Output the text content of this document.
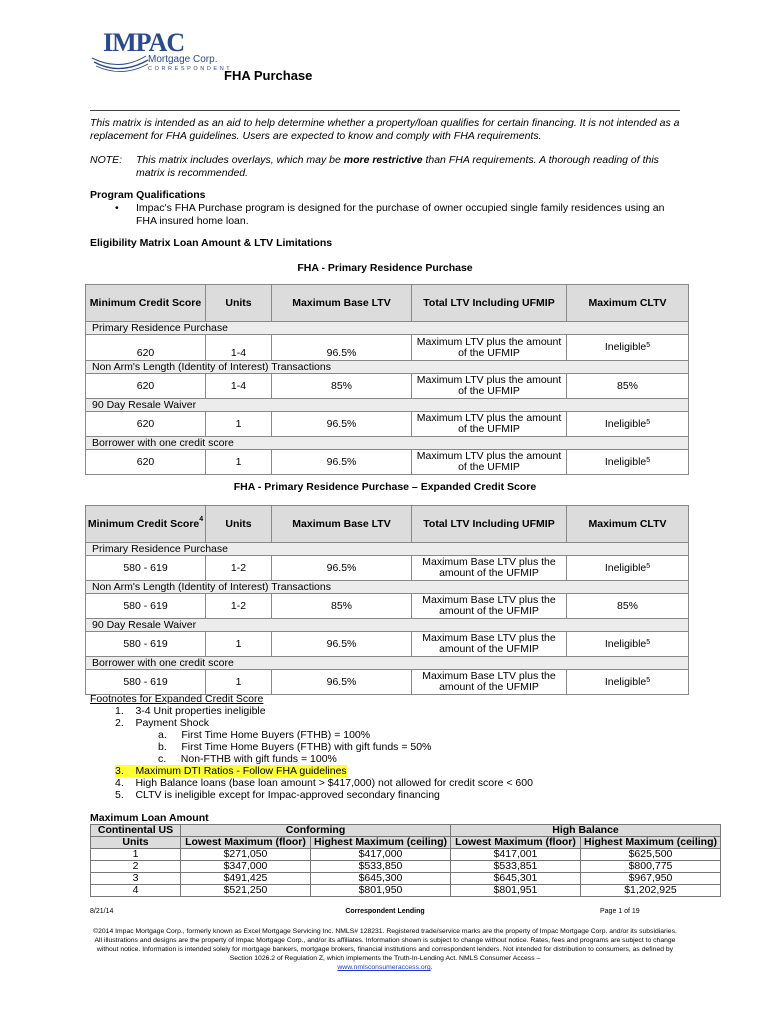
IMPAC
Mortgage Corp.
CORRESPONDENT
FHA Purchase
This matrix is intended as an aid to help determine whether a property/loan qualifies for certain financing. It is not intended as a replacement for FHA guidelines. Users are expected to know and comply with FHA requirements.
NOTE: This matrix includes overlays, which may be more restrictive than FHA requirements. A thorough reading of this matrix is recommended.
Program Qualifications
• Impac's FHA Purchase program is designed for the purchase of owner occupied single family residences using an FHA insured home loan.
Eligibility Matrix Loan Amount & LTV Limitations
FHA - Primary Residence Purchase
Minimum Credit Score	Units	Maximum Base LTV	Total LTV Including UFMIP	Maximum CLTV
Primary Residence Purchase				
620	1-4	96.5%	Maximum LTV plus the amount of the UFMIP	Ineligible$^5$
Non Arm's Length (Identity of Interest) Transactions				
620	1-4	85%	Maximum LTV plus the amount of the UFMIP	85%
90 Day Resale Waiver				
620	1	96.5%	Maximum LTV plus the amount of the UFMIP	Ineligible$^5$
Borrower with one credit score				
620	1	96.5%	Maximum LTV plus the amount of the UFMIP	Ineligible$^5$
FHA - Primary Residence Purchase – Expanded Credit Score
Minimum Credit Score$^4$	Units	Maximum Base LTV	Total LTV Including UFMIP	Maximum CLTV
Primary Residence Purchase				
580 - 619	1-2	96.5%	Maximum Base LTV plus the amount of the UFMIP	Ineligible$^5$
Non Arm's Length (Identity of Interest) Transactions				
580 - 619	1-2	85%	Maximum Base LTV plus the amount of the UFMIP	85%
90 Day Resale Waiver				
580 - 619	1	96.5%	Maximum Base LTV plus the amount of the UFMIP	Ineligible$^5$
Borrower with one credit score				
580 - 619	1	96.5%	Maximum Base LTV plus the amount of the UFMIP	Ineligible$^5$
Footnotes for Expanded Credit Score
1. 3-4 Unit properties ineligible
2. Payment Shock
a. First Time Home Buyers (FTHB) = 100%
b. First Time Home Buyers (FTHB) with gift funds = 50%
c. Non-FTHB with gift funds = 100%
3. Maximum DTI Ratios - Follow FHA guidelines
4. High Balance loans (base loan amount > $417,000) not allowed for credit score < 600
5. CLTV is ineligible except for Impac-approved secondary financing
Maximum Loan Amount
Continental US	Conforming		High Balance	
Units	Lowest Maximum (floor)	Highest Maximum (ceiling)	Lowest Maximum (floor)	Highest Maximum (ceiling)
1	$271,050	$417,000	$417,001	$625,500
2	$347,000	$533,850	$533,851	$800,775
3	$491,425	$645,300	$645,301	$967,950
4	$521,250	$801,950	$801,951	$1,202,925
8/21/14	Correspondent Lending	Page 1 of 19
©2014 Impac Mortgage Corp., formerly known as Excel Mortgage Servicing Inc. NMLS# 128231. Registered trade/service marks are the property of Impac Mortgage Corp. and/or its subsidiaries. All illustrations and designs are the property of Impac Mortgage Corp., and/or its affiliates. Information shown is subject to change without notice. Rates, fees and programs are subject to change without notice. Information is intended solely for mortgage bankers, mortgage brokers, financial institutions and correspondent lenders. Not intended for distribution to consumers, as defined by Section 1026.2 of Regulation Z, which implements the Truth-In-Lending Act. NMLS Consumer Access –
www.nmlsconsumeraccess.org.
